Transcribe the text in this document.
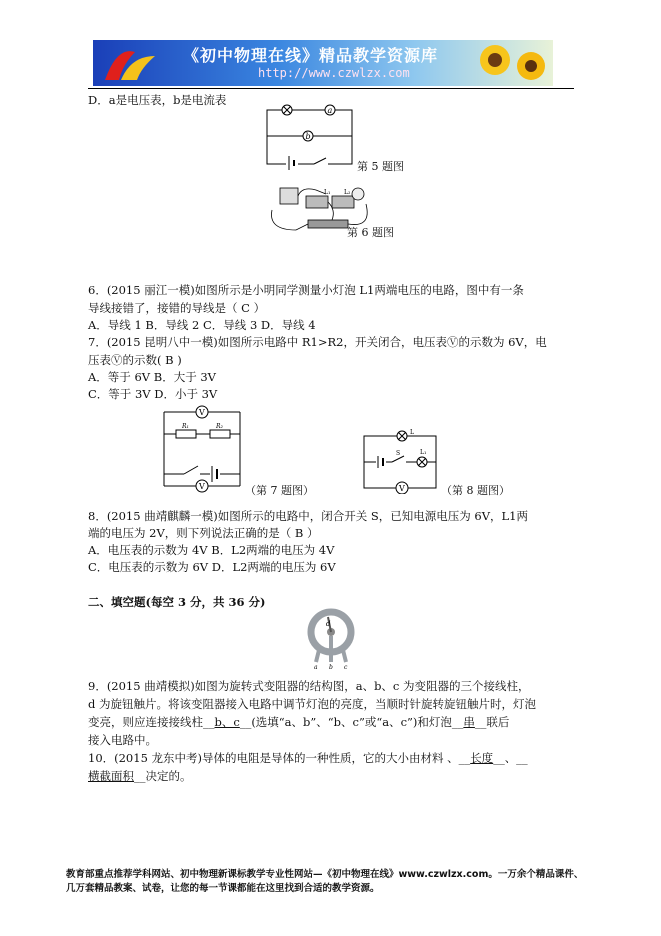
《初中物理在线》精品教学资源库
http://www.czwlzx.com
D．a是电压表，b是电流表
a
b
第 5 题图
L₁ L₂
第 6 题图
6．(2015 丽江一模)如图所示是小明同学测量小灯泡 L1两端电压的电路，图中有一条
导线接错了，接错的导线是（ C ）
A．导线 1 B．导线 2 C．导线 3 D．导线 4
7．(2015 昆明八中一模)如图所示电路中 R1>R2，开关闭合，电压表Ⓥ的示数为 6V，电
压表Ⓥ的示数( B )
A．等于 6V B．大于 3V
C．等于 3V D．小于 3V
V
R₁	R₂
V	（第 7 题图）
L
S	L₁
V	（第 8 题图）
8．(2015 曲靖麒麟一模)如图所示的电路中，闭合开关 S，已知电源电压为 6V，L1两
端的电压为 2V，则下列说法正确的是（ B ）
A．电压表的示数为 4V B．L2两端的电压为 4V
C．电压表的示数为 6V D．L2两端的电压为 6V
二、填空题(每空 3 分，共 36 分)
d
a b c
9．(2015 曲靖模拟)如图为旋转式变阻器的结构图，a、b、c 为变阻器的三个接线柱，
d 为旋钮触片。将该变阻器接入电路中调节灯泡的亮度，当顺时针旋转旋钮触片时，灯泡
变亮，则应连接接线柱__b、c__(选填“a、b”、“b、c”或“a、c”)和灯泡__串__联后
接入电路中。
10．(2015 龙东中考)导体的电阻是导体的一种性质，它的大小由材料 、__长度__、__
横截面积__决定的。
教育部重点推荐学科网站、初中物理新课标教学专业性网站—《初中物理在线》www.czwlzx.com。一万余个精品课件、
几万套精品教案、试卷，让您的每一节课都能在这里找到合适的教学资源。
